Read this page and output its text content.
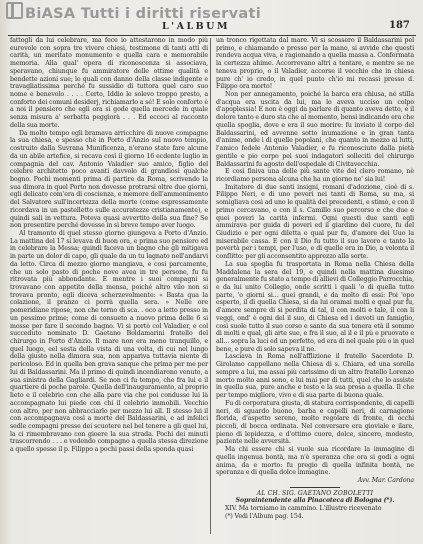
BiASA Tutti i diritti riservati
L'ALBUM	187

fattogli da lui celebrare, ma fece io attestarono in modo più eurevole con sopra tre vivere chiesi, testimone di tanti atti di carità, un meritato monumento e quella cara e memorabile memoria. Alla qual' opera di riconoscenza si associava, speravano, chiunque fu ammiratore delle ottime qualità e bendette azioni sue; le quali con danno della classe indigente e travagliatissima perché fu sussidio di tuttora quel caro suo nome e benevolo . . . . Certo, Iddio le solevo troppo presto, a conforto dei comuni desiderj, richiamarlo a sé! E solo conforto è a noi il pensiero che egli ora si gode quella mercede in quale senza misura a' serbatta peggiorà . . . Ed eccoci al racconto della sua morte.

Da molto tempo egli bramava arricchire di nuove compagne la sua chiesa, e spesso chè in Porto d'Anzio sul nuovo tempio, costruito dalla Suvrana Munificenza, n'erano state fare alcune da un abile artefice, si recava così il giorno 16 ecdente luglio in compagnia del cav. Antonio Valadier suo amico, figlio del celebre architetto poco avanti davvolo di grandiosi qualche bogno. Pochi momenti prima di partire da Roma, scrivendo la sua dimora in quel Porto non dovesse protrarsi oltre due giorni, egli delicato com'era di coscienza, e memore dell'ammonimento del Salvatore sull'incertezza della morte (come espressamente ricordava in un pastelletto sulle accuratezze cristianamente), e quindi sali in vettura. Poteva quasi avvertito della sua fine? Se non presentire perché dovesse in sì breve tempo aver luogo.

Al tramonto di quel stesso giorno giungeva a Porto d'Anzio. La mattina del 17 si levava di buon ora, e prima suo pensiero ed in celebrare la Messa; quindi faceva un bagno che gli mitigava in parte un dolor di capo, gli quale da un tu lagnato nell'andarvi da letto. Circa di mezzo giorno mangiava, e cosi parcamente, che un solo pasto di poche nove avea in tre persone, fu fu ritrovata più abbondante. E mentre i suoi compagni si trovavano con appetito della mensa, poiché altro vilo non si trovava pronto, egli diceva scherzevolmente: « Basta qua la colazione, il pranzo ci porrà quella sera. » Nelle ore pomeridiane ripose, non che terno di sca. . oco a letto presso in un pessimo prime; come di consueto a nuovo prima delle 6 si mosse per fare il secondo bagno. Vi si portò col Valadier, e col succeduto nominato D. Gaetano Boldamarini fratello del chirurgo in Porto d'Anzio. Il mare non era meno tranquillo, e quel luogo, eel sesta della vista di una volta, di cui nel lungo della giusto nella dimora sua, non appariva tuttavia niente di pericoloso. Ed in quella ben grava sanque che prima per me per lui di Baldassarini. Ma il primo di quindi incendiarono venuto, a sua sinistra della Gagliardi. Se non ci fu tempo, che fra lui e il quartiere di poche parole. Quella dell'inauguramento, al proprio lieto e il celebrio con che alla pare via che poi condusse lui là accompagnato lui piede con chi il celebrio immobili. Vecchio con altro, per non abbracciarlo per mezzo lui all. Il stesso lui il con accompagnava così a morte del Baldassarini, e ad infelici sedle compagni presse dei scuotere nel bel tenere a gli quel lui, la ci rimembravano con gioere la sua strada. Pochi dei minuti trascorrendo . . . e vedendo compagno a quella stessa direzione a quello spesse il p. Filippo a pochi passi della sponda quasi

un tronco rigettata dal mare. Vi si scossero il Baldassarini pel primo, e chiamando e presso per la mano, si avvide che questi rendeva acqua viva, e ragionando a quella massa a. Confermata la certezza ahime. Accorrevano altri a tentare, e mentre se ne teneva proprio, o il Valadier, accorse il vecchio che in chiesa pure ch' io credo, in quel punto ch'io mi recassi presso d. Filippo ora morto!

Non per annegamento, poiché la barca era chiusa, né stilla d'acqua era uscita da lui, ma lo aveva ucciso un colpo d'apoplessia! E non è oggi da parlare di quanto aveva detto, e il dolore tanto e duro sta che al momento, bensì indicando era che quella spoglia, dove e era il suo morire: fu inviato il corpo del Baldassarini, ed avvenne sotto inumazione e in gran tanta d'anime, onde i di quelle popolani, che quanto in mezzo ai lutti, l'amico fedele Antonio Valadier, e fu riconosciuto dalla pietà gentile e pio corpo pei suoi indagatori solleciti del chirurgo Baldassarini fu agosto dell'ospedale di Civitavecchia.

E così finiva una delle più sante vite del clero romano, nè ricordiamo persona alcuna che ha un giorno ne' sia lui!

Imitatore di due santi insigni, romani d'adozione, cioè di s. Filippo Neri, e di uno poveri nei tanti di Roma, su ma, si somigliava così ad uno le qualità dei precedenti, e stimò, e con il primo cercavano, e con il s. Camillo suo percorso e che due e quei poveri la carità infermi. Ogni questi due santi egli ammirava per guida di poveri ed il giardino del cuore, fu del Giudizio e per ogni diletta e qual pur fu, d'amore dei Uuo la miserabile cassa. E con il Dio fu tutto il suo lavoro e tanto la povertà per i tempi, per l'uso, e di quelle era in Dio, a volonta il conflitto: per gli acconsentito apprezzo alla sorte.

La sua spoglia fu trasportata in Roma nella Chiesa della Maddalena la sera del 19, e quindi nella mattina duesimo generalmente fu stato a tempo di allievi di Colleggio Parrocchia, e da lui unito Collegio, onde scritti i quali 'o di quella tutto parte, 'o giorni si... quei grandi, e da molto di essi: Poi 'opo esperto, il dì quella Chiesa, si da lui oramai molti e qual pur fu, d'amore sempre di si perdita di tal, il con molti e tale, il con li veggi, ond' è ogni del il suo, di Chiesa ed i devoti un famiglio, così suole tutto il suo corso e santo da sua tenera età il sommo di molti e qual, gli arte sue, e fra il suo, al il e il pù e pruovato e all... sopra la luci ed un perfetto, ed era di nel quale più o in quel bene, e pure di solo sapeva il ne.

Lasciava in Roma nell'afflizione il fratello Sacerdote D. Girolamo cappellano nella Chiesa di s. Chiara, ed una sorella sempre a lui, ma assai più carissimo di un altro fratello Lorenzo morto molto anni sono, e lui mai per di tutti, quel che lo assiste in quella sua, pure anche e testo e la sua prosa a quella. Il che per tempo migliore, vivo e di sua parte di buona quale.

Fu di corporatura giusta, di statura corrispondente, di capelli neri, di sguardo buono, barba e capelli neri, di carnagione florida, d'aspetto sereno, molto regolare di fronte, di occhi piccoli, di bocca ordinata. Nel conversare era gioviale e ilare, pieno di lepidezza, e d'ottimo cuore, dolce, sincero, modesto, paziente nelle avversità.

Ma chi essere chi si vuole sua ricordare la immagine di quella ingenua bontà, ma n'è speranza che ora si godi a ogni anima, da e morto: fu pregio di quella infinita bontà, ne speranza e di quella dolce immagine.

Avv. Mar. Cardona

AL CH. SIG. GAETANO ZOBOLETTI

Sopraintendente alla Pinacoteca di Bologna (*).

XIV. Ma torniamo in cammino. L'illustre ricevenato

(*) Vedi l'Album pag. 154.
